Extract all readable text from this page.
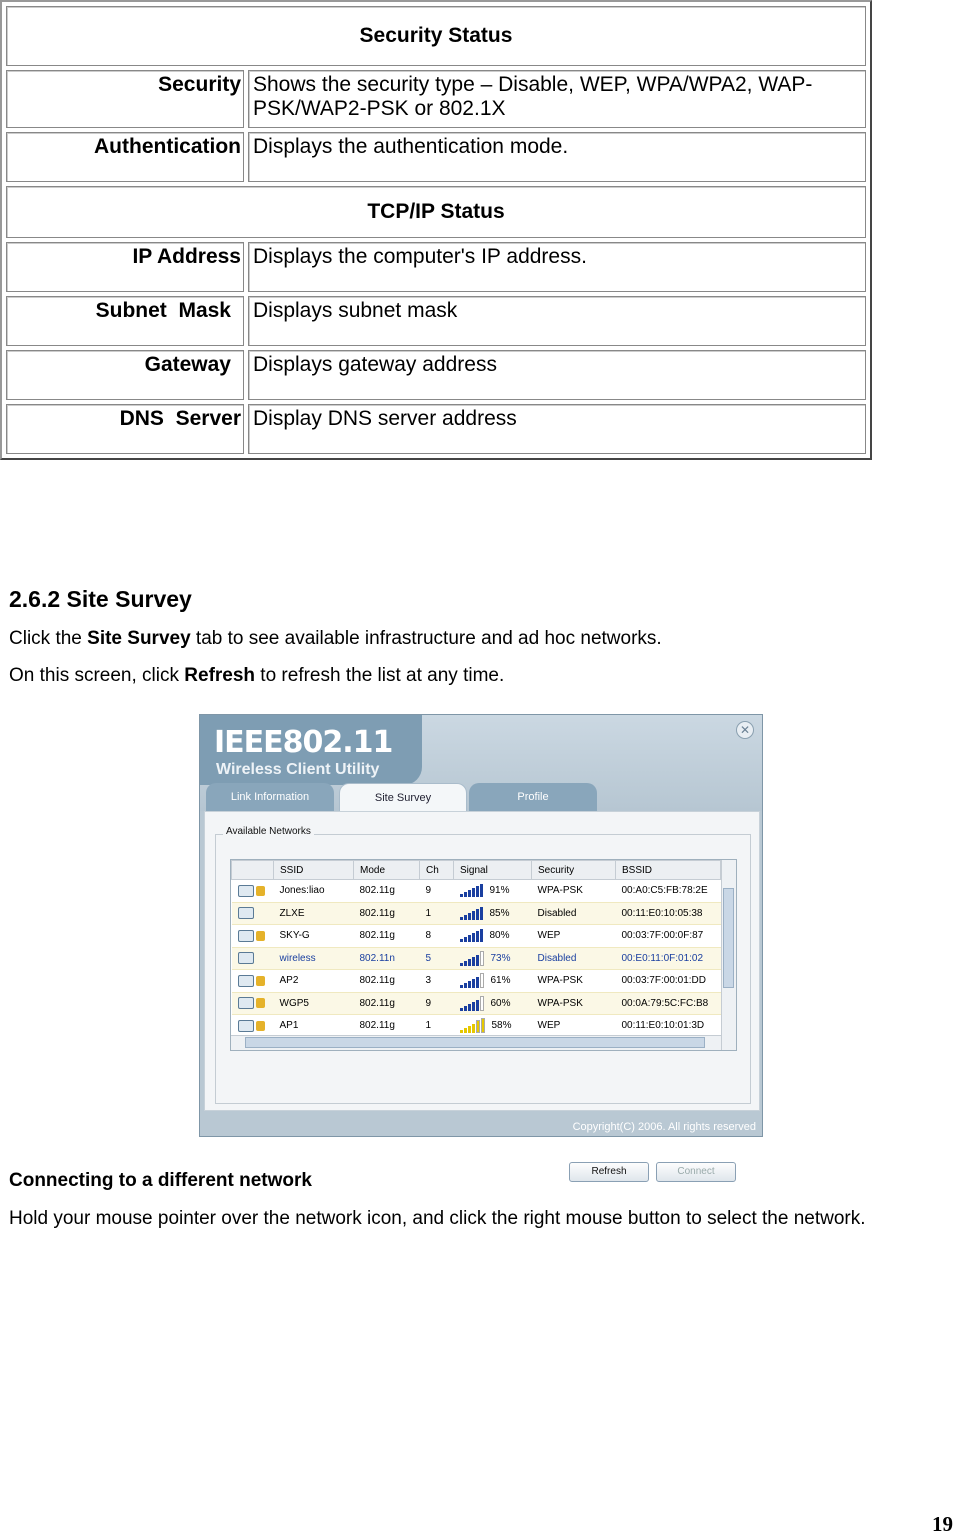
Security Status	
Security	Shows the security type – Disable, WEP, WPA/WPA2, WAP-PSK/WAP2-PSK or 802.1X
Authentication	Displays the authentication mode.
TCP/IP Status	
IP Address	Displays the computer's IP address.
Subnet  Mask	Displays subnet mask
Gateway	Displays gateway address
DNS  Server	Display DNS server address
2.6.2 Site Survey
Click the Site Survey tab to see available infrastructure and ad hoc networks.
On this screen, click Refresh to refresh the list at any time.
IEEE802.11
Wireless Client Utility
✕
Link Information	Site Survey	Profile
Available Networks
	SSID	Mode	Ch	Signal	Security	BSSID
	Jones:liao	802.11g	9	91%	WPA-PSK	00:A0:C5:FB:78:2E
	ZLXE	802.11g	1	85%	Disabled	00:11:E0:10:05:38
	SKY-G	802.11g	8	80%	WEP	00:03:7F:00:0F:87
	wireless	802.11n	5	73%	Disabled	00:E0:11:0F:01:02
	AP2	802.11g	3	61%	WPA-PSK	00:03:7F:00:01:DD
	WGP5	802.11g	9	60%	WPA-PSK	00:0A:79:5C:FC:B8
	AP1	802.11g	1	58%	WEP	00:11:E0:10:01:3D
Refresh	Connect
Copyright(C) 2006. All rights reserved
Connecting to a different network
Hold your mouse pointer over the network icon, and click the right mouse button to select the network.
19
